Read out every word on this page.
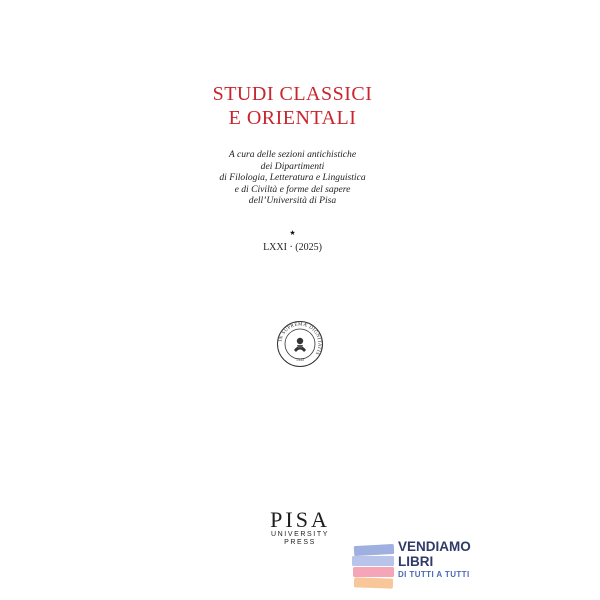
STUDI CLASSICI
E ORIENTALI
A cura delle sezioni antichistiche
dei Dipartimenti
di Filologia, Letteratura e Linguistica
e di Civiltà e forme del sapere
dell’Università di Pisa
★
LXXI · (2025)
IN SUPREMÆ DIGNITATIS
1343
PISA
UNIVERSITY
PRESS	VENDIAMO
LIBRI
DI TUTTI A TUTTI
